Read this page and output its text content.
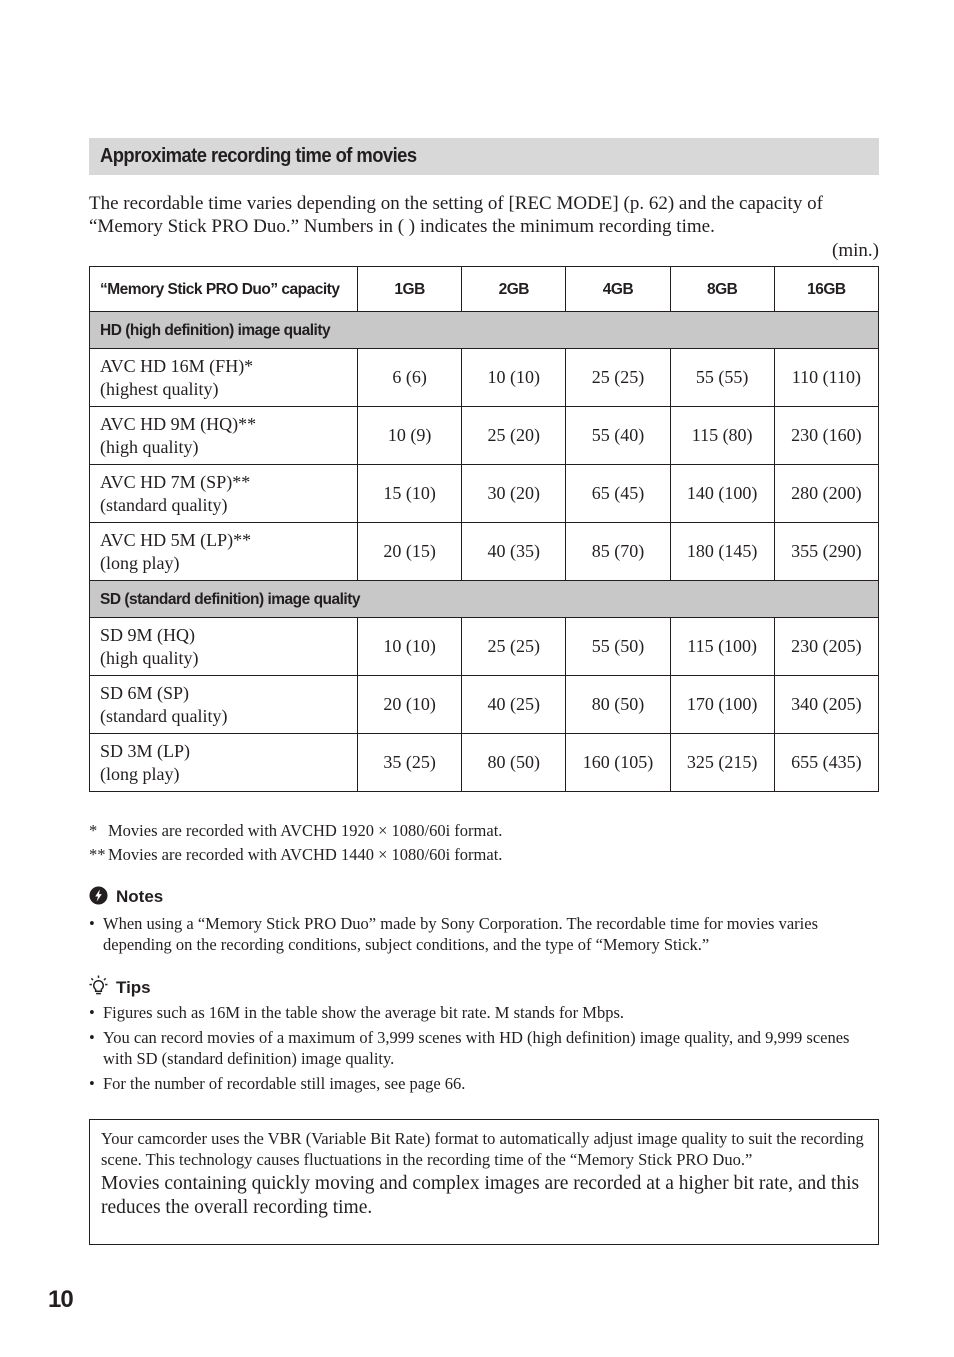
Approximate recording time of movies

The recordable time varies depending on the setting of [REC MODE] (p. 62) and the capacity of “Memory Stick PRO Duo.” Numbers in ( ) indicates the minimum recording time.

(min.)
“Memory Stick PRO Duo” capacity	1GB	2GB	4GB	8GB	16GB
HD (high definition) image quality					

AVC HD 16M (FH)*
(highest quality)	6 (6)	10 (10)	25 (25)	55 (55)	110 (110)

AVC HD 9M (HQ)**
(high quality)	10 (9)	25 (20)	55 (40)	115 (80)	230 (160)

AVC HD 7M (SP)**
(standard quality)	15 (10)	30 (20)	65 (45)	140 (100)	280 (200)

AVC HD 5M (LP)**
(long play)	20 (15)	40 (35)	85 (70)	180 (145)	355 (290)
SD (standard definition) image quality					

SD 9M (HQ)
(high quality)	10 (10)	25 (25)	55 (50)	115 (100)	230 (205)

SD 6M (SP)
(standard quality)	20 (10)	40 (25)	80 (50)	170 (100)	340 (205)

SD 3M (LP)
(long play)	35 (25)	80 (50)	160 (105)	325 (215)	655 (435)
* Movies are recorded with AVCHD 1920 × 1080/60i format.
** Movies are recorded with AVCHD 1440 × 1080/60i format.
Notes
• When using a “Memory Stick PRO Duo” made by Sony Corporation. The recordable time for movies varies depending on the recording conditions, subject conditions, and the type of “Memory Stick.”
Tips
• Figures such as 16M in the table show the average bit rate. M stands for Mbps.
• You can record movies of a maximum of 3,999 scenes with HD (high definition) image quality, and 9,999 scenes with SD (standard definition) image quality.
• For the number of recordable still images, see page 66.

Your camcorder uses the VBR (Variable Bit Rate) format to automatically adjust image quality to suit the recording scene. This technology causes fluctuations in the recording time of the “Memory Stick PRO Duo.”

Movies containing quickly moving and complex images are recorded at a higher bit rate, and this reduces the overall recording time.

10
